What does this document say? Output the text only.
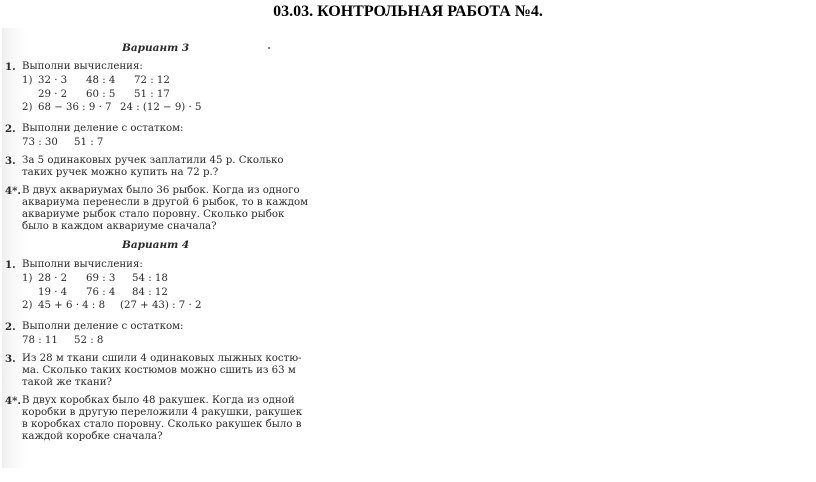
03.03. КОНТРОЛЬНАЯ РАБОТА №4.
Вариант 3
1. Выполни вычисления:
1) 32 · 3 48 : 4 72 : 12
29 · 2 60 : 5 51 : 17
2) 68 − 36 : 9 · 7 24 : (12 − 9) · 5
2. Выполни деление с остатком:
73 : 30 51 : 7
3. За 5 одинаковых ручек заплатили 45 р. Сколько
таких ручек можно купить на 72 р.?
4*. В двух аквариумах было 36 рыбок. Когда из одного
аквариума перенесли в другой 6 рыбок, то в каждом
аквариуме рыбок стало поровну. Сколько рыбок
было в каждом аквариуме сначала?
Вариант 4
1. Выполни вычисления:
1) 28 · 2 69 : 3 54 : 18
19 · 4 76 : 4 84 : 12
2) 45 + 6 · 4 : 8 (27 + 43) : 7 · 2
2. Выполни деление с остатком:
78 : 11 52 : 8
3. Из 28 м ткани сшили 4 одинаковых лыжных костю-
ма. Сколько таких костюмов можно сшить из 63 м
такой же ткани?
4*. В двух коробках было 48 ракушек. Когда из одной
коробки в другую переложили 4 ракушки, ракушек
в коробках стало поровну. Сколько ракушек было в
каждой коробке сначала?
